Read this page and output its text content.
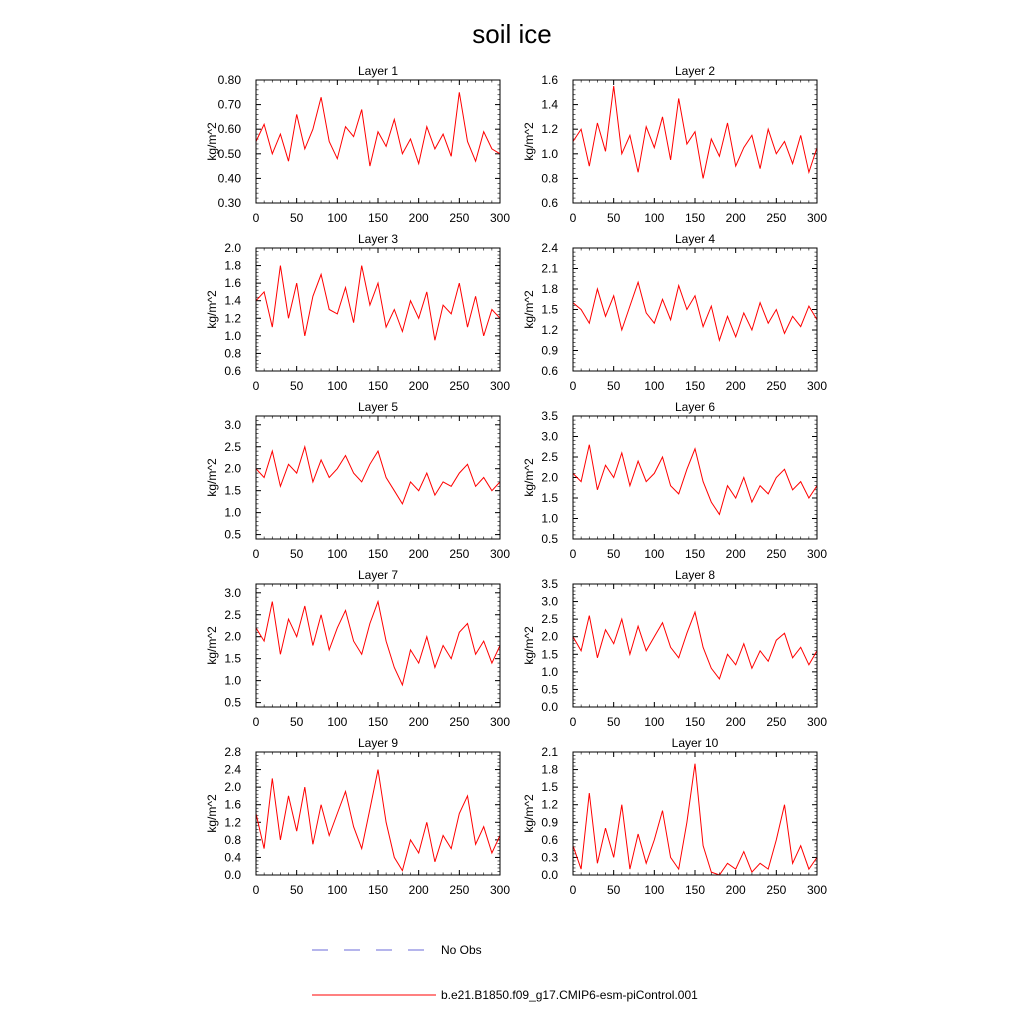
soil ice
Layer 1
kg/m^2
0	50 100 150 200 250 300
0.30
0.40
0.50
0.60
0.70
0.80
Layer 2
kg/m^2
0	50 100 150 200 250 300
0.6
0.8
1.0
1.2
1.4
1.6
Layer 3
kg/m^2
0	50 100 150 200 250 300
0.6
0.8
1.0
1.2
1.4
1.6
1.8
2.0
Layer 4
kg/m^2
0	50 100 150 200 250 300
0.6
0.9
1.2
1.5
1.8
2.1
2.4
Layer 5
kg/m^2
0	50 100 150 200 250 300
0.5
1.0
1.5
2.0
2.5
3.0
Layer 6
kg/m^2
0	50 100 150 200 250 300
0.5
1.0
1.5
2.0
2.5
3.0
3.5
Layer 7
kg/m^2
0	50 100 150 200 250 300
0.5
1.0
1.5
2.0
2.5
3.0
Layer 8
kg/m^2
0	50 100 150 200 250 300
0.0
0.5
1.0
1.5
2.0
2.5
3.0
3.5
Layer 9
kg/m^2
0	50 100 150 200 250 300
0.0
0.4
0.8
1.2
1.6
2.0
2.4
2.8
Layer 10
kg/m^2
0	50 100 150 200 250 300
0.0
0.3
0.6
0.9
1.2
1.5
1.8
2.1
No Obs
b.e21.B1850.f09_g17.CMIP6-esm-piControl.001
